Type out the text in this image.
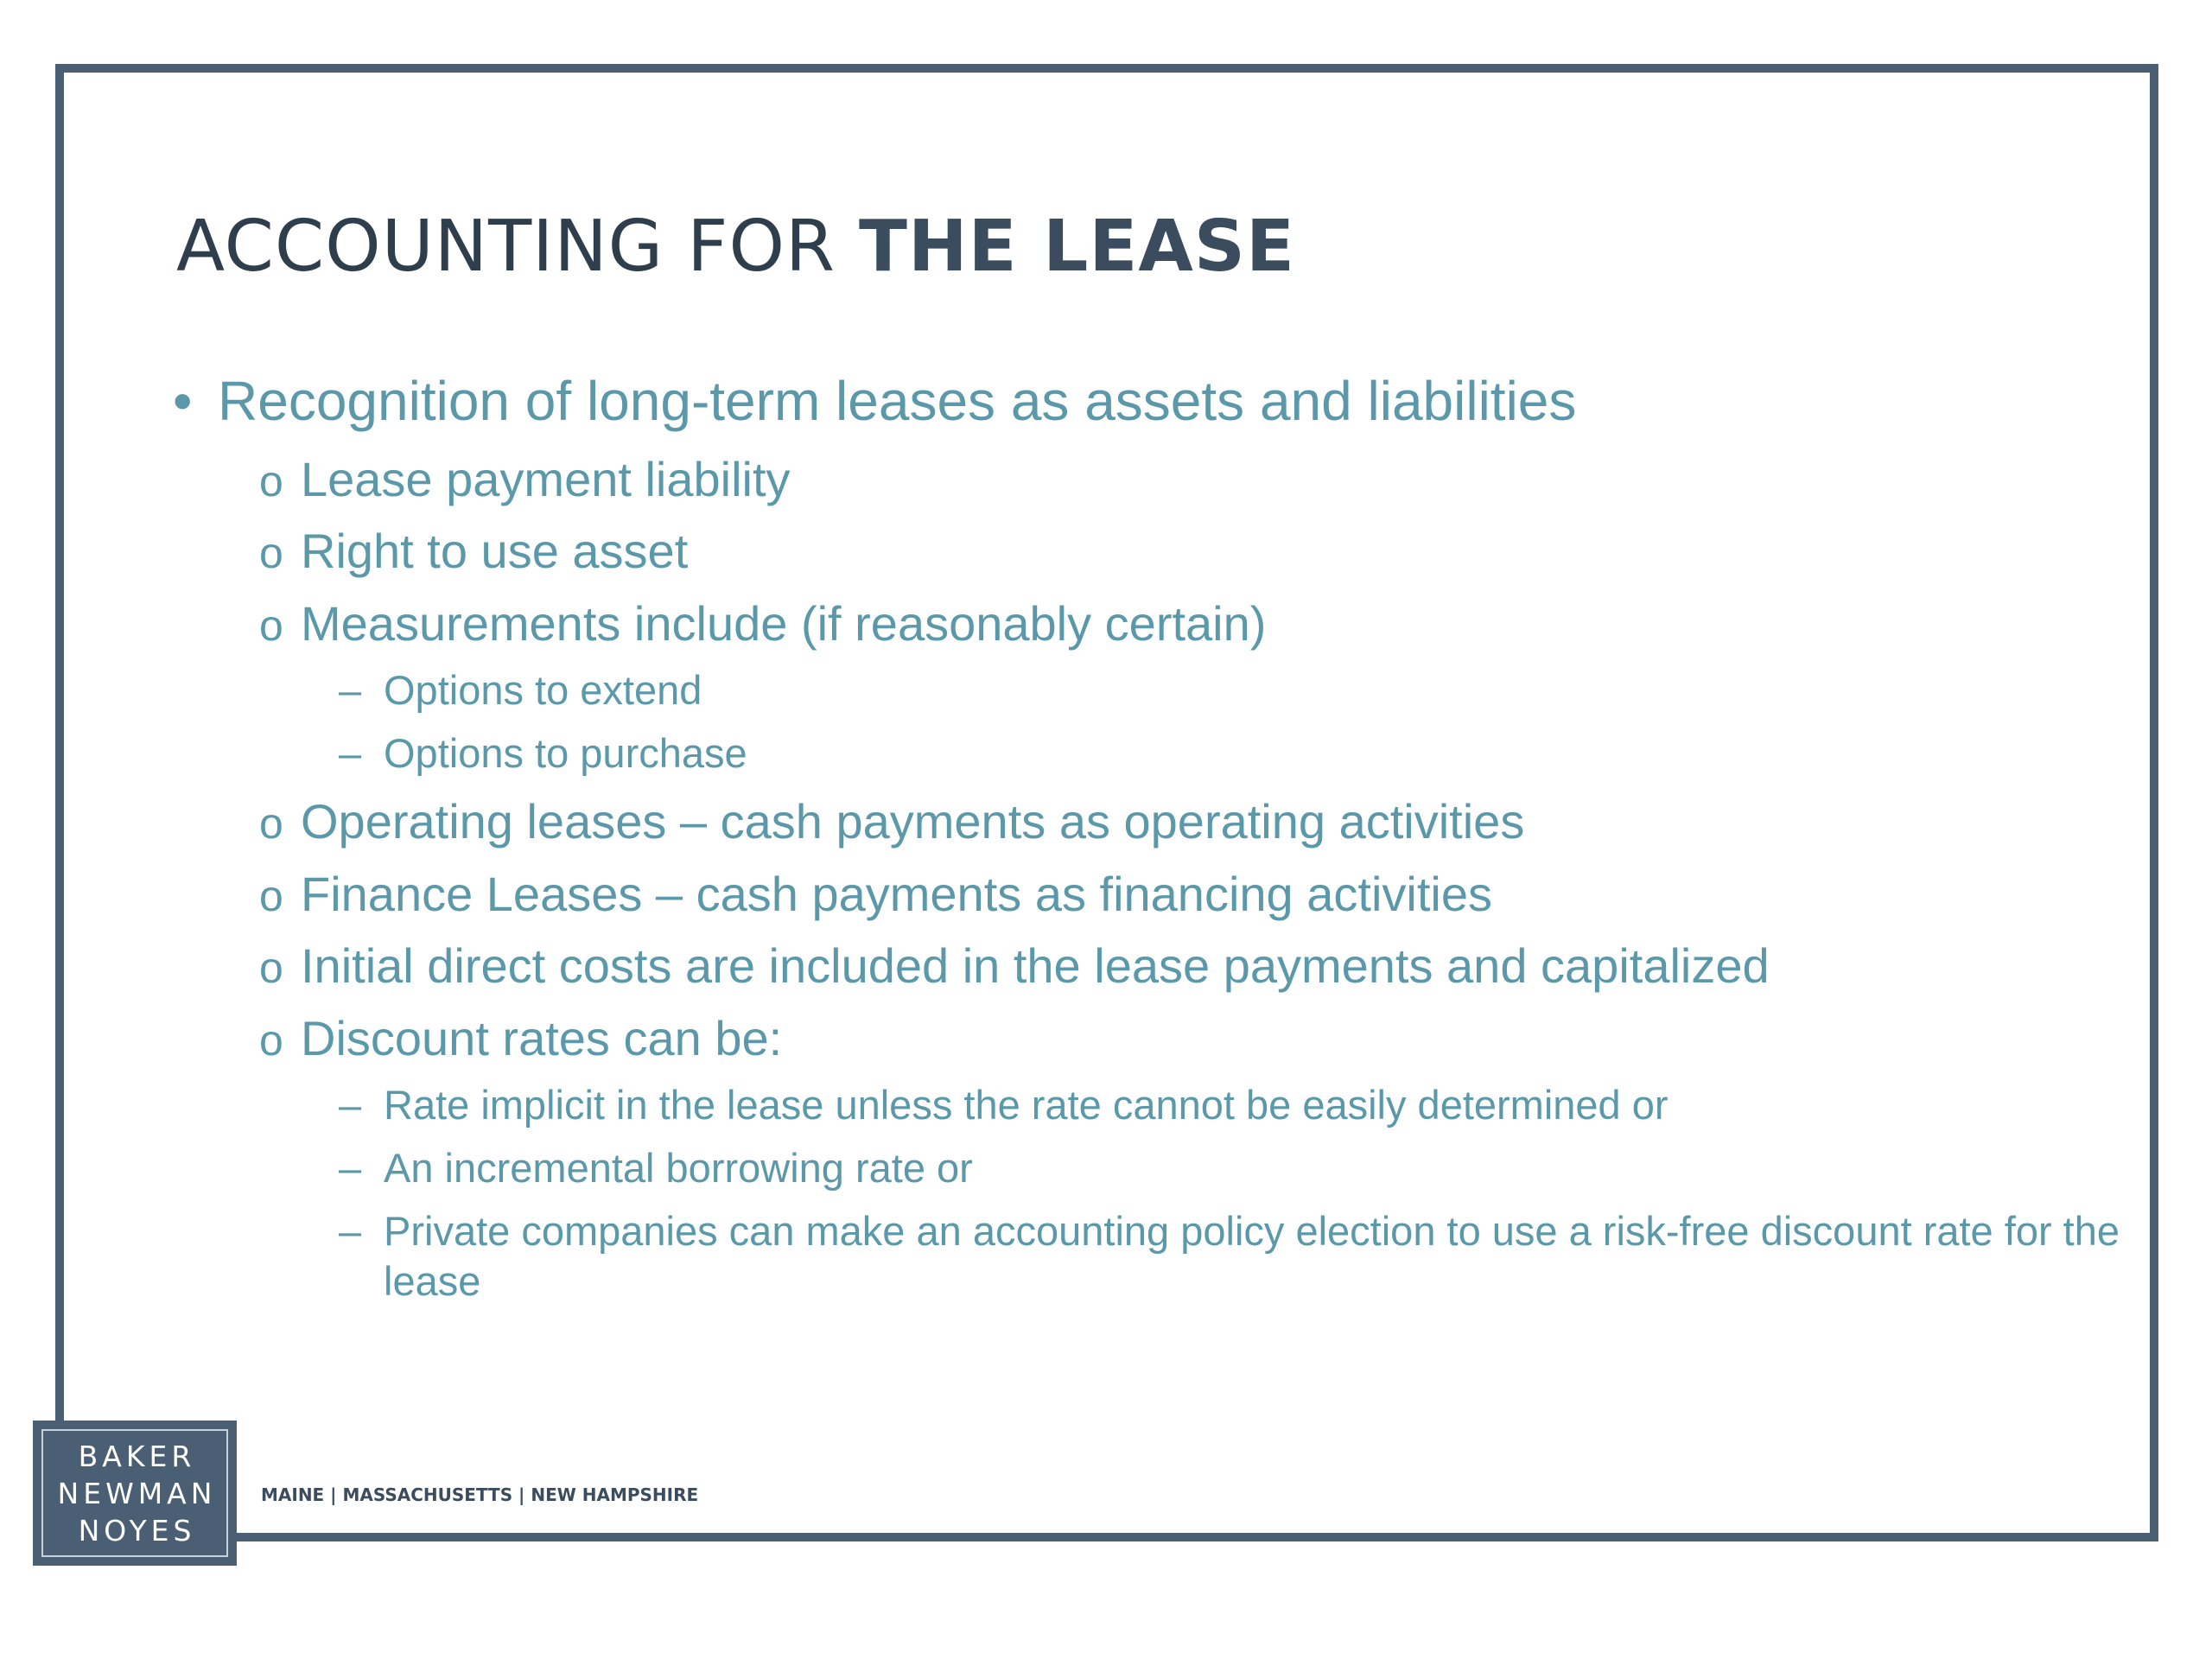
ACCOUNTING FOR THE LEASE
• Recognition of long-term leases as assets and liabilities
o Lease payment liability
o Right to use asset
o Measurements include (if reasonably certain)
– Options to extend
– Options to purchase
o Operating leases – cash payments as operating activities
o Finance Leases – cash payments as financing activities
o Initial direct costs are included in the lease payments and capitalized
o Discount rates can be:
– Rate implicit in the lease unless the rate cannot be easily determined or
– An incremental borrowing rate or
– Private companies can make an accounting policy election to use a risk-free discount rate for the
lease
BAKER
NEWMAN
NOYES
MAINE | MASSACHUSETTS | NEW HAMPSHIRE
